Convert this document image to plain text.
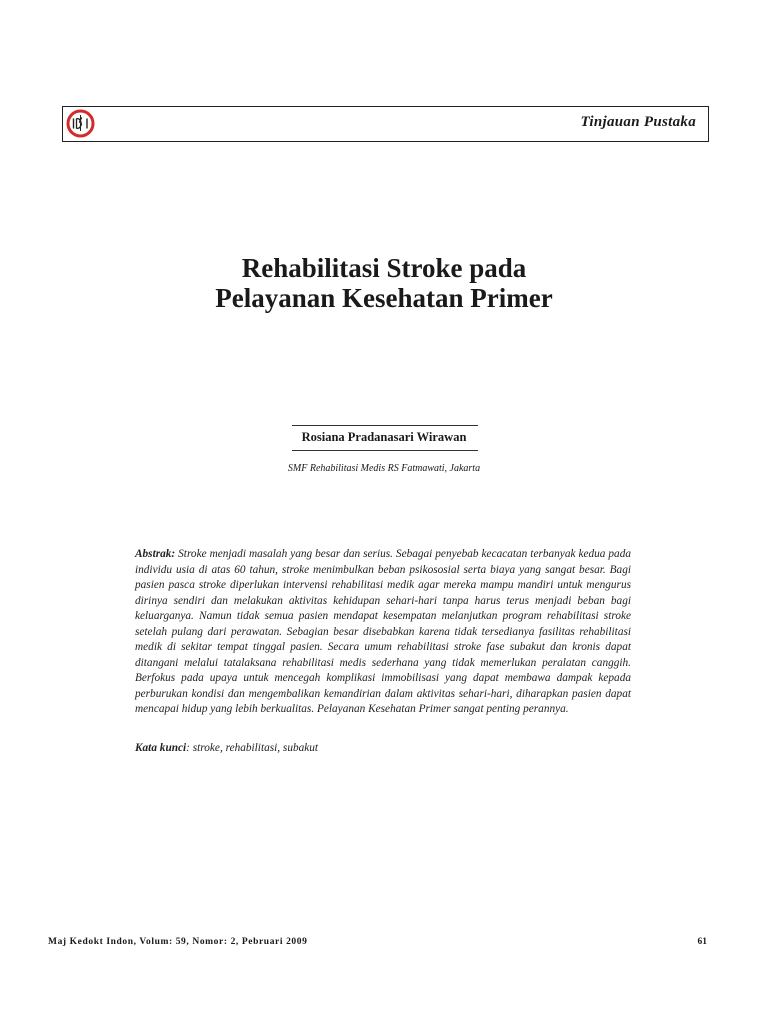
Tinjauan Pustaka
Rehabilitasi Stroke pada
Pelayanan Kesehatan Primer
Rosiana Pradanasari Wirawan
SMF Rehabilitasi Medis RS Fatmawati, Jakarta

Abstrak: Stroke menjadi masalah yang besar dan serius. Sebagai penyebab kecacatan terbanyak kedua pada individu usia di atas 60 tahun, stroke menimbulkan beban psikososial serta biaya yang sangat besar. Bagi pasien pasca stroke diperlukan intervensi rehabilitasi medik agar mereka mampu mandiri untuk mengurus dirinya sendiri dan melakukan aktivitas kehidupan sehari-hari tanpa harus terus menjadi beban bagi keluarganya. Namun tidak semua pasien mendapat kesempatan melanjutkan program rehabilitasi stroke setelah pulang dari perawatan. Sebagian besar disebabkan karena tidak tersedianya fasilitas rehabilitasi medik di sekitar tempat tinggal pasien. Secara umum rehabilitasi stroke fase subakut dan kronis dapat ditangani melalui tatalaksana rehabilitasi medis sederhana yang tidak memerlukan peralatan canggih. Berfokus pada upaya untuk mencegah komplikasi immobilisasi yang dapat membawa dampak kepada perburukan kondisi dan mengembalikan kemandirian dalam aktivitas sehari-hari, diharapkan pasien dapat mencapai hidup yang lebih berkualitas. Pelayanan Kesehatan Primer sangat penting perannya.

Kata kunci: stroke, rehabilitasi, subakut
Maj Kedokt Indon, Volum: 59, Nomor: 2, Pebruari 2009	61
